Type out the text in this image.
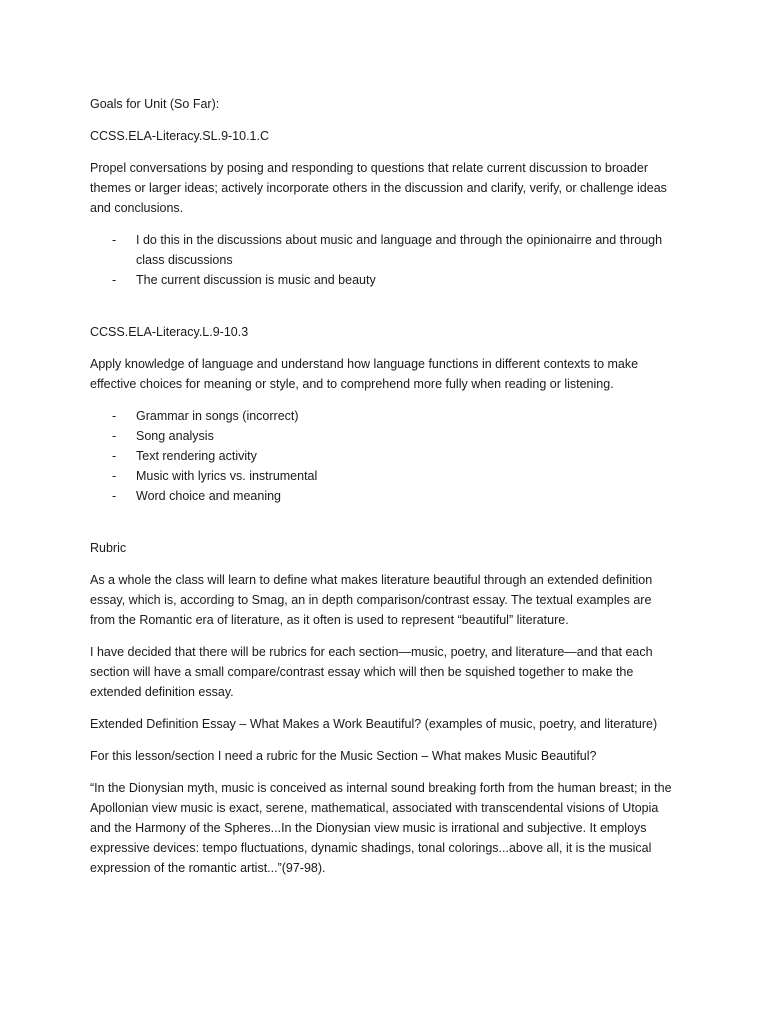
Goals for Unit (So Far):

CCSS.ELA-Literacy.SL.9-10.1.C

Propel conversations by posing and responding to questions that relate current discussion to broader themes or larger ideas; actively incorporate others in the discussion and clarify, verify, or challenge ideas and conclusions.

- I do this in the discussions about music and language and through the opinionairre and through class discussions
- The current discussion is music and beauty

CCSS.ELA-Literacy.L.9-10.3

Apply knowledge of language and understand how language functions in different contexts to make effective choices for meaning or style, and to comprehend more fully when reading or listening.

- Grammar in songs (incorrect)
- Song analysis
- Text rendering activity
- Music with lyrics vs. instrumental
- Word choice and meaning

Rubric

As a whole the class will learn to define what makes literature beautiful through an extended definition essay, which is, according to Smag, an in depth comparison/contrast essay. The textual examples are from the Romantic era of literature, as it often is used to represent “beautiful” literature.

I have decided that there will be rubrics for each section—music, poetry, and literature—and that each section will have a small compare/contrast essay which will then be squished together to make the extended definition essay.

Extended Definition Essay – What Makes a Work Beautiful? (examples of music, poetry, and literature)

For this lesson/section I need a rubric for the Music Section – What makes Music Beautiful?

“In the Dionysian myth, music is conceived as internal sound breaking forth from the human breast; in the Apollonian view music is exact, serene, mathematical, associated with transcendental visions of Utopia and the Harmony of the Spheres...In the Dionysian view music is irrational and subjective. It employs expressive devices: tempo fluctuations, dynamic shadings, tonal colorings...above all, it is the musical expression of the romantic artist...”(97-98).
